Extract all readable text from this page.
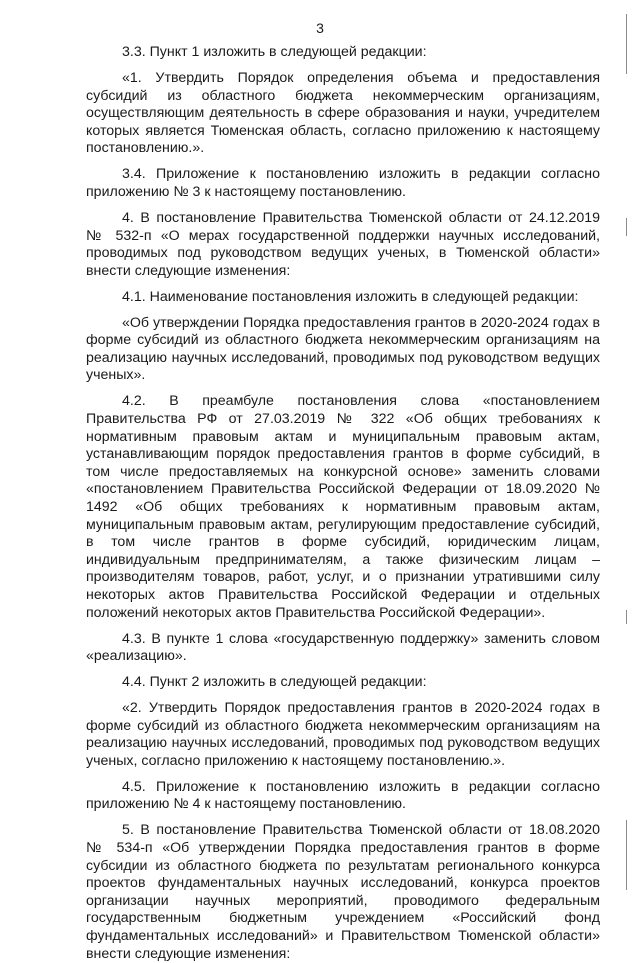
3

3.3. Пункт 1 изложить в следующей редакции:

«1. Утвердить Порядок определения объема и предоставления субсидий из областного бюджета некоммерческим организациям, осуществляющим деятельность в сфере образования и науки, учредителем которых является Тюменская область, согласно приложению к настоящему постановлению.».

3.4. Приложение к постановлению изложить в редакции согласно приложению № 3 к настоящему постановлению.

4. В постановление Правительства Тюменской области от 24.12.2019 № 532-п «О мерах государственной поддержки научных исследований, проводимых под руководством ведущих ученых, в Тюменской области» внести следующие изменения:

4.1. Наименование постановления изложить в следующей редакции:

«Об утверждении Порядка предоставления грантов в 2020-2024 годах в форме субсидий из областного бюджета некоммерческим организациям на реализацию научных исследований, проводимых под руководством ведущих ученых».

4.2. В преамбуле постановления слова «постановлением Правительства РФ от 27.03.2019 № 322 «Об общих требованиях к нормативным правовым актам и муниципальным правовым актам, устанавливающим порядок предоставления грантов в форме субсидий, в том числе предоставляемых на конкурсной основе» заменить словами «постановлением Правительства Российской Федерации от 18.09.2020 № 1492 «Об общих требованиях к нормативным правовым актам, муниципальным правовым актам, регулирующим предоставление субсидий, в том числе грантов в форме субсидий, юридическим лицам, индивидуальным предпринимателям, а также физическим лицам – производителям товаров, работ, услуг, и о признании утратившими силу некоторых актов Правительства Российской Федерации и отдельных положений некоторых актов Правительства Российской Федерации».

4.3. В пункте 1 слова «государственную поддержку» заменить словом «реализацию».

4.4. Пункт 2 изложить в следующей редакции:

«2. Утвердить Порядок предоставления грантов в 2020-2024 годах в форме субсидий из областного бюджета некоммерческим организациям на реализацию научных исследований, проводимых под руководством ведущих ученых, согласно приложению к настоящему постановлению.».

4.5. Приложение к постановлению изложить в редакции согласно приложению № 4 к настоящему постановлению.

5. В постановление Правительства Тюменской области от 18.08.2020 № 534-п «Об утверждении Порядка предоставления грантов в форме субсидии из областного бюджета по результатам регионального конкурса проектов фундаментальных научных исследований, конкурса проектов организации научных мероприятий, проводимого федеральным государственным бюджетным учреждением «Российский фонд фундаментальных исследований» и Правительством Тюменской области» внести следующие изменения:
